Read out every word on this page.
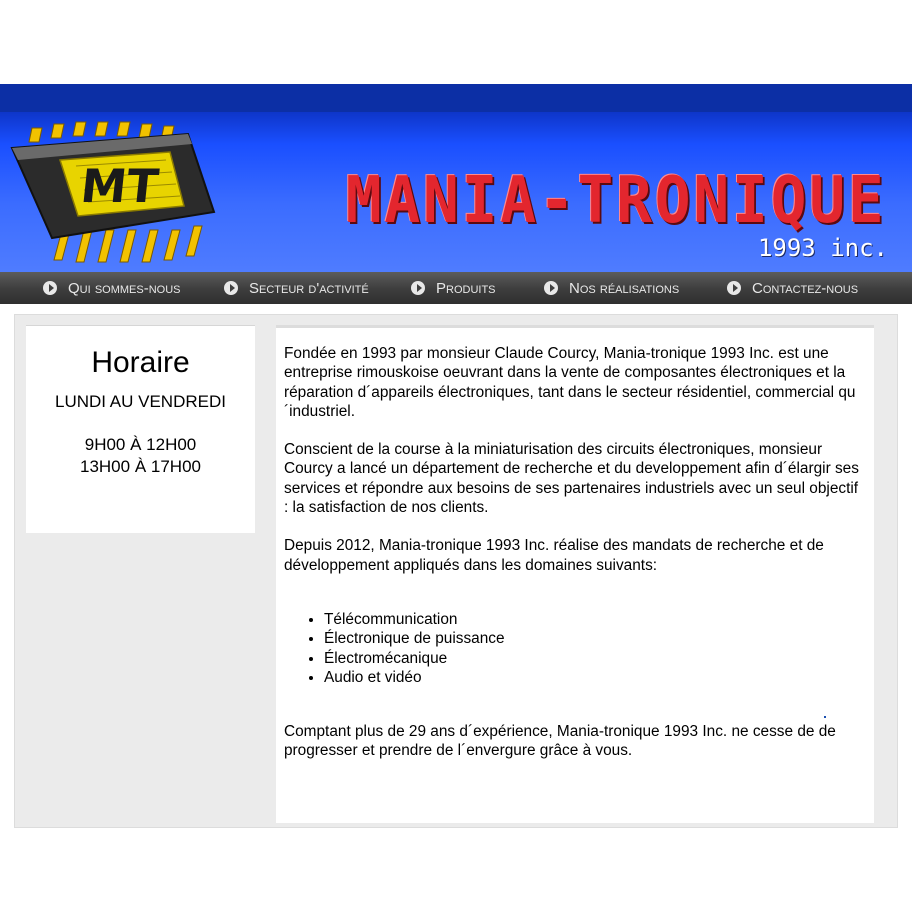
MT	MANIA-TRONIQUE
1993 inc.
Qui sommes-nous	Secteur d'activité	Produits	Nos réalisations	Contactez-nous
Horaire
LUNDI AU VENDREDI
9H00 À 12H00
13H00 À 17H00

Fondée en 1993 par monsieur Claude Courcy, Mania-tronique 1993 Inc. est une entreprise rimouskoise oeuvrant dans la vente de composantes électroniques et la réparation d´appareils électroniques, tant dans le secteur résidentiel, commercial qu´industriel.

Conscient de la course à la miniaturisation des circuits électroniques, monsieur Courcy a lancé un département de recherche et du developpement afin d´élargir ses services et répondre aux besoins de ses partenaires industriels avec un seul objectif : la satisfaction de nos clients.

Depuis 2012, Mania-tronique 1993 Inc. réalise des mandats de recherche et de développement appliqués dans les domaines suivants:

• Télécommunication
• Électronique de puissance
• Électromécanique
• Audio et vidéo

Comptant plus de 29 ans d´expérience, Mania-tronique 1993 Inc. ne cesse de de progresser et prendre de l´envergure grâce à vous.
